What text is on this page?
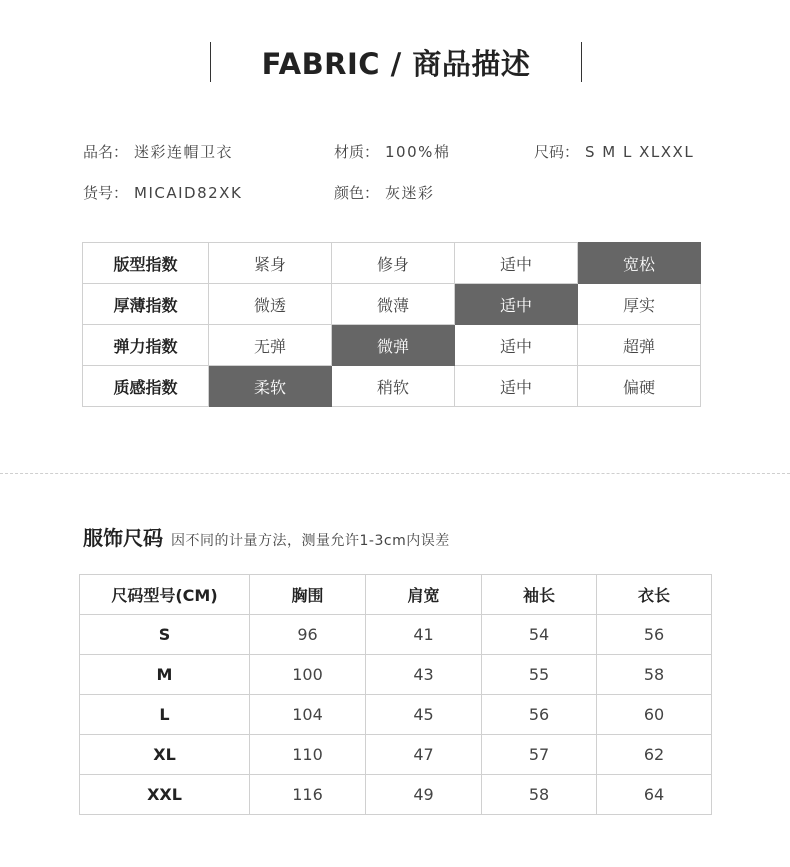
FABRIC / 商品描述
品名： 迷彩连帽卫衣	材质： 100%棉	尺码： S M L XLXXL
货号： MICAID82XK	颜色： 灰迷彩
版型指数	紧身	修身	适中	宽松
厚薄指数	微透	微薄	适中	厚实
弹力指数	无弹	微弹	适中	超弹
质感指数	柔软	稍软	适中	偏硬
服饰尺码 因不同的计量方法，测量允许1-3cm内误差
尺码型号(CM)	胸围	肩宽	袖长	衣长
S	96	41	54	56
M	100	43	55	58
L	104	45	56	60
XL	110	47	57	62
XXL	116	49	58	64
